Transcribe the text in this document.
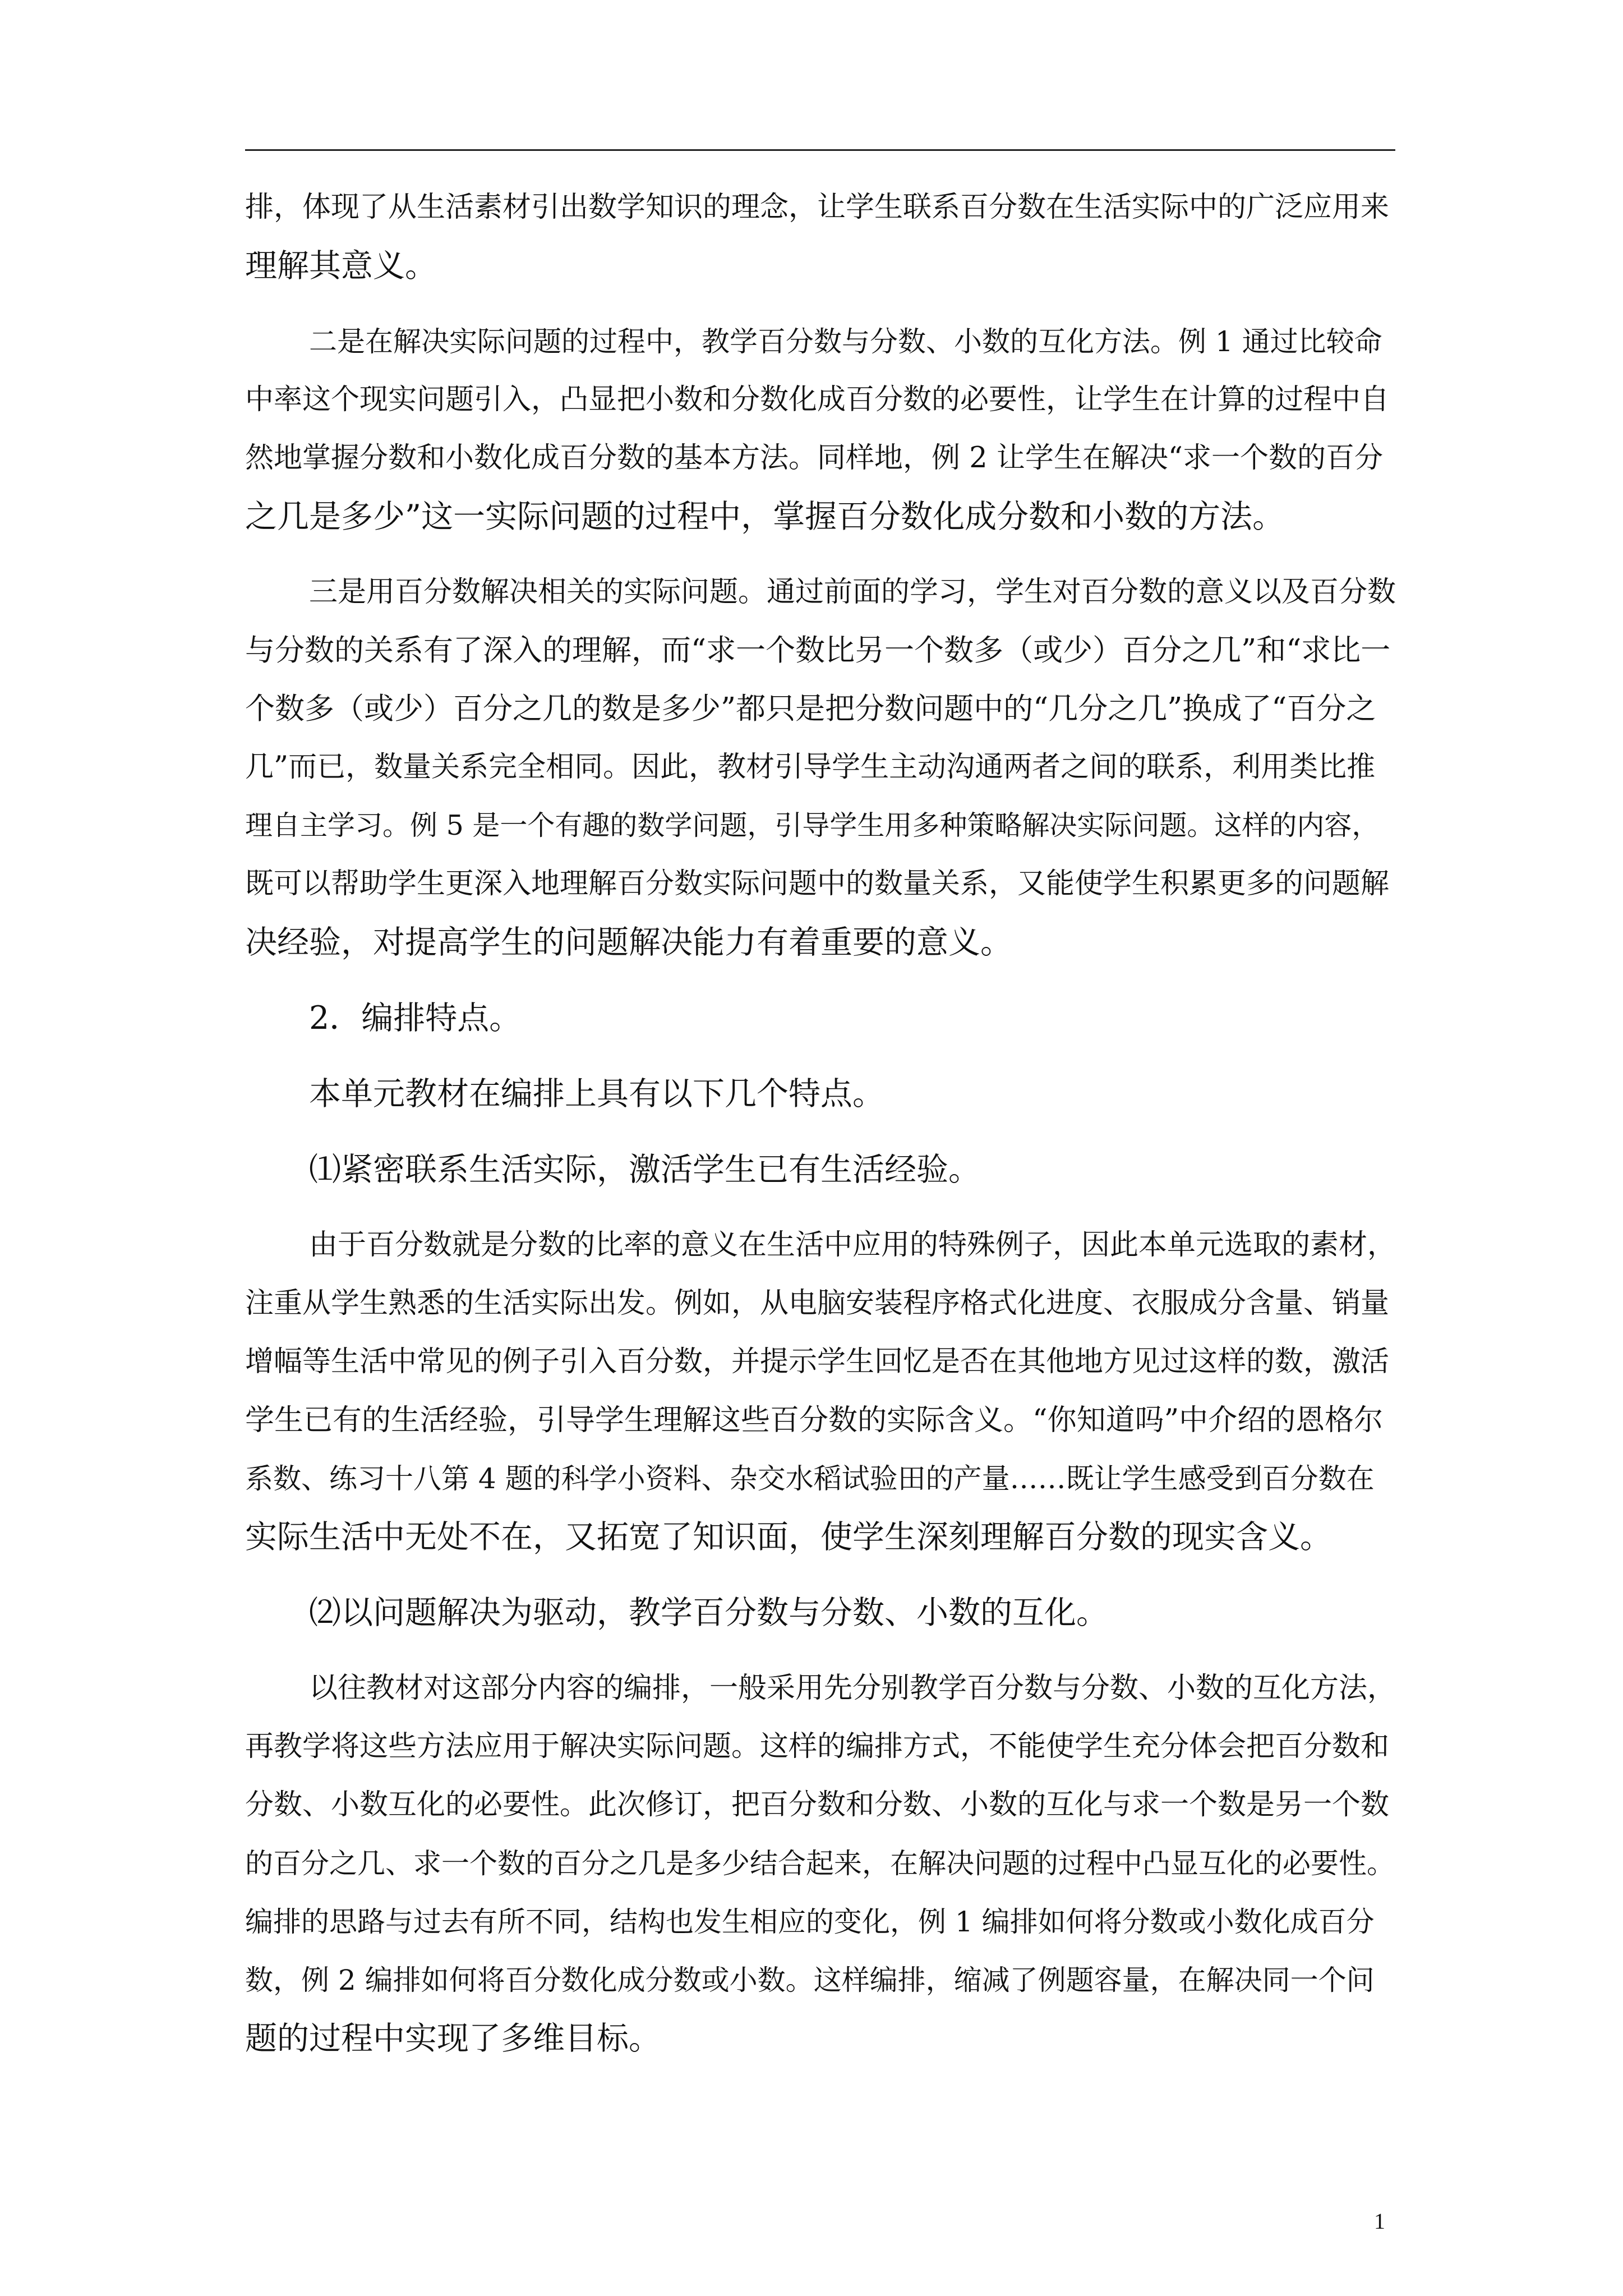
排，体现了从生活素材引出数学知识的理念，让学生联系百分数在生活实际中的广泛应用来
理解其意义。
二是在解决实际问题的过程中，教学百分数与分数、小数的互化方法。例 1 通过比较命
中率这个现实问题引入，凸显把小数和分数化成百分数的必要性，让学生在计算的过程中自
然地掌握分数和小数化成百分数的基本方法。同样地，例 2 让学生在解决“求一个数的百分
之几是多少”这一实际问题的过程中，掌握百分数化成分数和小数的方法。
三是用百分数解决相关的实际问题。通过前面的学习，学生对百分数的意义以及百分数
与分数的关系有了深入的理解，而“求一个数比另一个数多（或少）百分之几”和“求比一
个数多（或少）百分之几的数是多少”都只是把分数问题中的“几分之几”换成了“百分之
几”而已，数量关系完全相同。因此，教材引导学生主动沟通两者之间的联系，利用类比推
理自主学习。例 5 是一个有趣的数学问题，引导学生用多种策略解决实际问题。这样的内容，
既可以帮助学生更深入地理解百分数实际问题中的数量关系，又能使学生积累更多的问题解
决经验，对提高学生的问题解决能力有着重要的意义。
2．编排特点。
本单元教材在编排上具有以下几个特点。
⑴紧密联系生活实际，激活学生已有生活经验。
由于百分数就是分数的比率的意义在生活中应用的特殊例子，因此本单元选取的素材，
注重从学生熟悉的生活实际出发。例如，从电脑安装程序格式化进度、衣服成分含量、销量
增幅等生活中常见的例子引入百分数，并提示学生回忆是否在其他地方见过这样的数，激活
学生已有的生活经验，引导学生理解这些百分数的实际含义。“你知道吗”中介绍的恩格尔
系数、练习十八第 4 题的科学小资料、杂交水稻试验田的产量……既让学生感受到百分数在
实际生活中无处不在，又拓宽了知识面，使学生深刻理解百分数的现实含义。
⑵以问题解决为驱动，教学百分数与分数、小数的互化。
以往教材对这部分内容的编排，一般采用先分别教学百分数与分数、小数的互化方法，
再教学将这些方法应用于解决实际问题。这样的编排方式，不能使学生充分体会把百分数和
分数、小数互化的必要性。此次修订，把百分数和分数、小数的互化与求一个数是另一个数
的百分之几、求一个数的百分之几是多少结合起来，在解决问题的过程中凸显互化的必要性。
编排的思路与过去有所不同，结构也发生相应的变化，例 1 编排如何将分数或小数化成百分
数，例 2 编排如何将百分数化成分数或小数。这样编排，缩减了例题容量，在解决同一个问
题的过程中实现了多维目标。
1
